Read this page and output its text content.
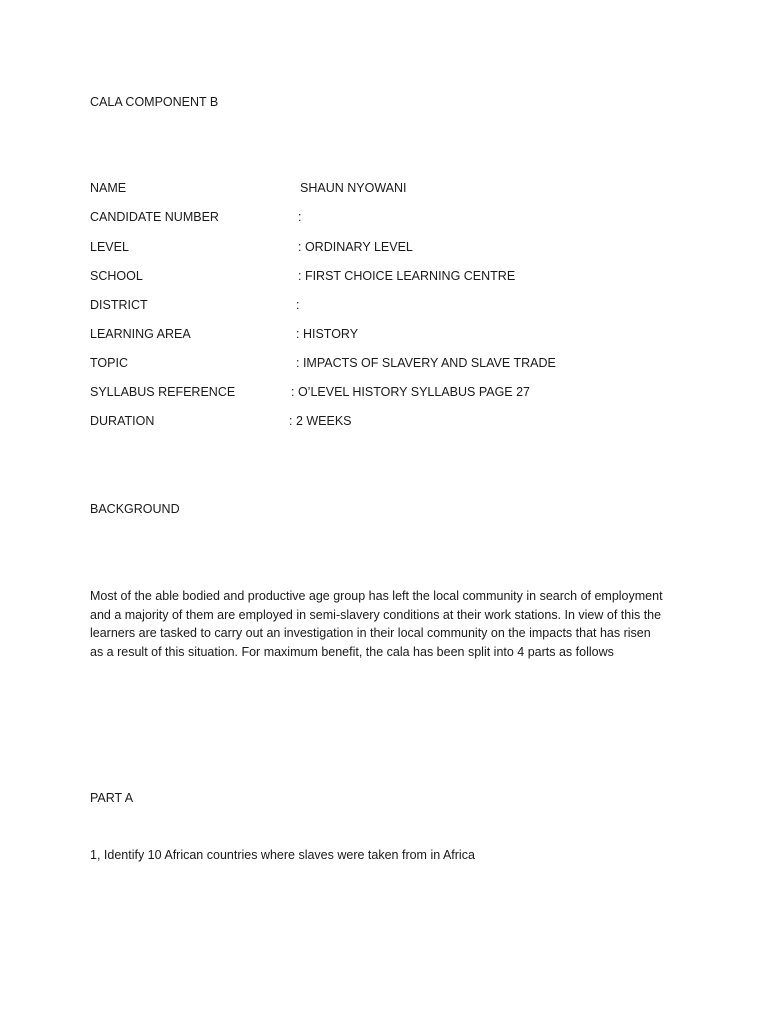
CALA COMPONENT B
NAME	SHAUN NYOWANI
CANDIDATE NUMBER	:
LEVEL	: ORDINARY LEVEL
SCHOOL	: FIRST CHOICE LEARNING CENTRE
DISTRICT	:
LEARNING AREA	: HISTORY
TOPIC	: IMPACTS OF SLAVERY AND SLAVE TRADE
SYLLABUS REFERENCE	: O’LEVEL HISTORY SYLLABUS PAGE 27
DURATION	: 2 WEEKS
BACKGROUND
Most of the able bodied and productive age group has left the local community in search of employment
and a majority of them are employed in semi-slavery conditions at their work stations. In view of this the
learners are tasked to carry out an investigation in their local community on the impacts that has risen
as a result of this situation. For maximum benefit, the cala has been split into 4 parts as follows
PART A
1, Identify 10 African countries where slaves were taken from in Africa
